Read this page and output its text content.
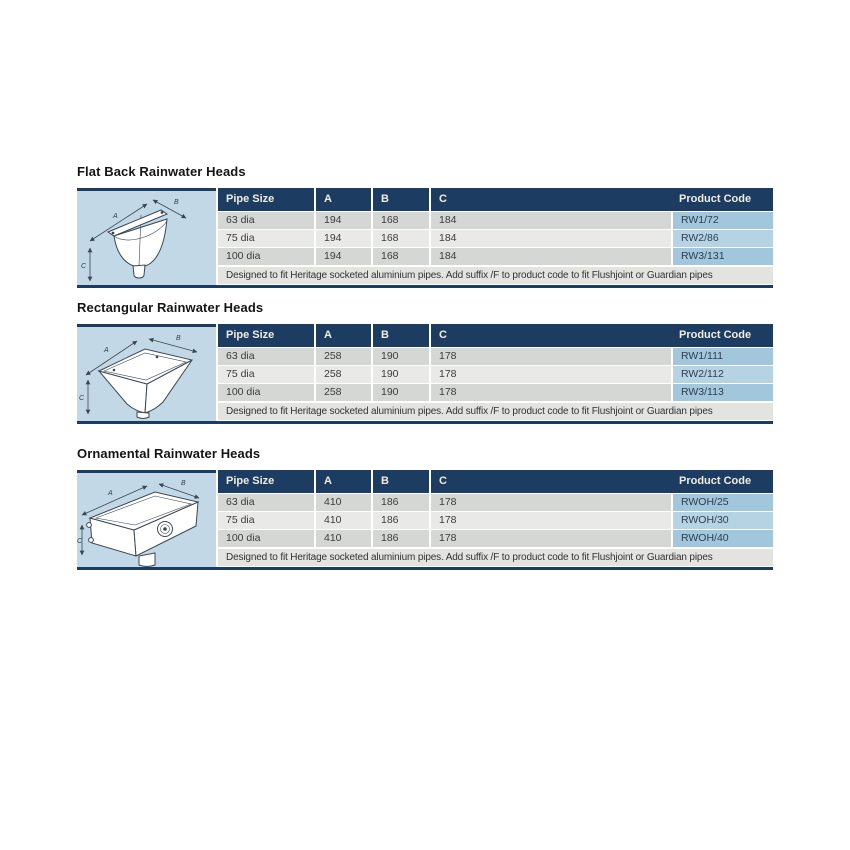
Flat Back Rainwater Heads
A
B
C
Pipe Size	A	B	C	Product Code
63 dia	194	168	184	RW1/72
75 dia	194	168	184	RW2/86
100 dia	194	168	184	RW3/131
Designed to fit Heritage socketed aluminium pipes. Add suffix /F to product code to fit Flushjoint or Guardian pipes
Rectangular Rainwater Heads
A
B
C
Pipe Size	A	B	C	Product Code
63 dia	258	190	178	RW1/111
75 dia	258	190	178	RW2/112
100 dia	258	190	178	RW3/113
Designed to fit Heritage socketed aluminium pipes. Add suffix /F to product code to fit Flushjoint or Guardian pipes
Ornamental Rainwater Heads
A
B
C
Pipe Size	A	B	C	Product Code
63 dia	410	186	178	RWOH/25
75 dia	410	186	178	RWOH/30
100 dia	410	186	178	RWOH/40
Designed to fit Heritage socketed aluminium pipes. Add suffix /F to product code to fit Flushjoint or Guardian pipes
